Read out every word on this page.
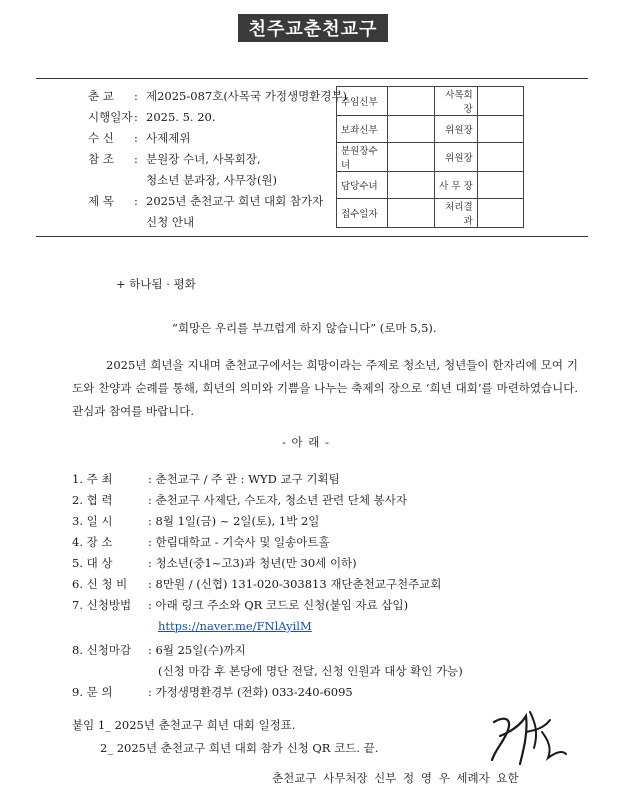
천주교춘천교구
춘 교 : 제2025-087호(사목국 가정생명환경부)
시행일자 : 2025. 5. 20.
수 신 : 사제제위
참 조 : 분원장 수녀, 사목회장,
청소년 분과장, 사무장(원)
제 목 : 2025년 춘천교구 희년 대회 참가자
신청 안내
주임신부		사목회장	
보좌신부		위원장	
분원장수녀		위원장	
담당수녀		사 무 장	
접수일자		처리결과	
+ 하나됨 · 평화
“희망은 우리를 부끄럽게 하지 않습니다” (로마 5,5).
2025년 희년을 지내며 춘천교구에서는 희망이라는 주제로 청소년, 청년들이 한자리에 모여 기도와 찬양과 순례를 통해, 희년의 의미와 기쁨을 나누는 축제의 장으로 ‘희년 대회’를 마련하였습니다. 관심과 참여를 바랍니다.
- 아 래 -
1. 주 최	: 춘천교구 / 주 관 : WYD 교구 기획팀
2. 협 력	: 춘천교구 사제단, 수도자, 청소년 관련 단체 봉사자
3. 일 시	: 8월 1일(금) ~ 2일(토), 1박 2일
4. 장 소	: 한림대학교 - 기숙사 및 일송아트홀
5. 대 상	: 청소년(중1~고3)과 청년(만 30세 이하)
6. 신 청 비 : 8만원 / (신협) 131-020-303813 재단춘천교구천주교회
7. 신청방법 : 아래 링크 주소와 QR 코드로 신청(붙임 자료 삽입)
https://naver.me/FNlAyilM
8. 신청마감 : 6월 25일(수)까지
(신청 마감 후 본당에 명단 전달, 신청 인원과 대상 확인 가능)
9. 문 의	: 가정생명환경부 (전화) 033-240-6095
붙임 1_ 2025년 춘천교구 희년 대회 일정표.
2_ 2025년 춘천교구 희년 대회 참가 신청 QR 코드. 끝.
춘천교구 사무처장 신부 정 영 우 세례자 요한
